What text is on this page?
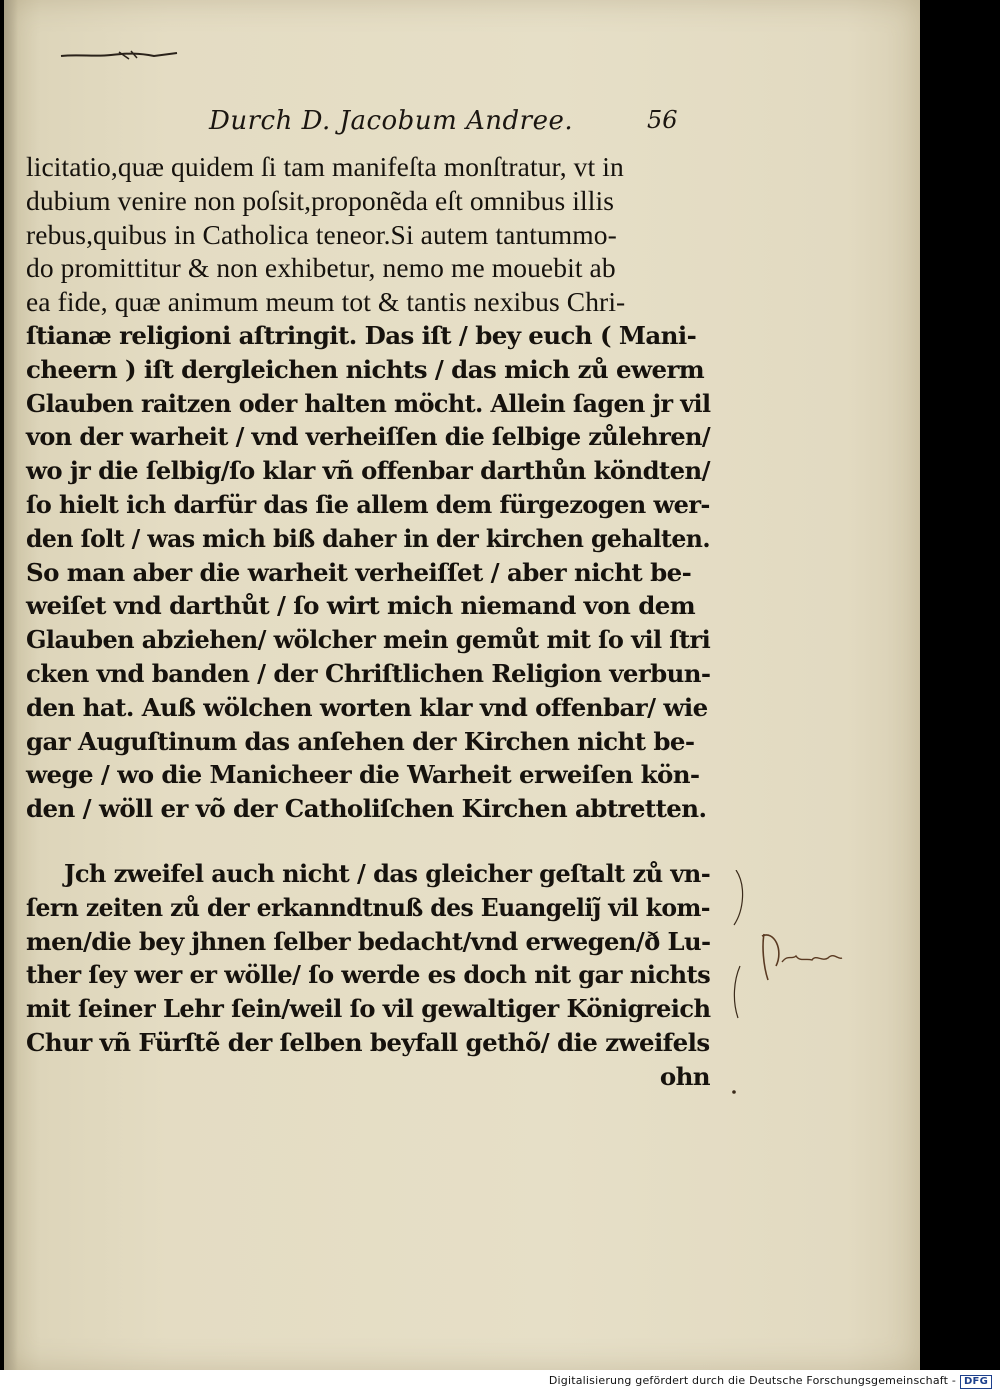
Durch D. Jacobum Andree.	56
licitatio,quæ quidem ſi tam manifeſta monſtratur, vt in
dubium venire non poſsit,proponẽda eſt omnibus illis
rebus,quibus in Catholica teneor.Si autem tantummo-
do promittitur & non exhibetur, nemo me mouebit ab
ea fide, quæ animum meum tot & tantis nexibus Chri-
ſtianæ religioni aſtringit. Das iſt / bey euch ( Mani-
cheern ) iſt dergleichen nichts / das mich zů ewerm
Glauben raitzen oder halten möcht. Allein ſagen jr vil
von der warheit / vnd verheiſſen die ſelbige zůlehren/
wo jr die ſelbig/ſo klar vñ offenbar darthůn köndten/
ſo hielt ich darfür das ſie allem dem fürgezogen wer-
den ſolt / was mich biß daher in der kirchen gehalten.
So man aber die warheit verheiſſet / aber nicht be-
weiſet vnd darthůt / ſo wirt mich niemand von dem
Glauben abziehen/ wölcher mein gemůt mit ſo vil ſtri
cken vnd banden / der Chriſtlichen Religion verbun-
den hat. Auß wölchen worten klar vnd offenbar/ wie
gar Auguſtinum das anſehen der Kirchen nicht be-
wege / wo die Manicheer die Warheit erweiſen kön-
den / wöll er võ der Catholiſchen Kirchen abtretten.
Jch zweifel auch nicht / das gleicher geſtalt zů vn-
ſern zeiten zů der erkanndtnuß des Euangeliȷ̃ vil kom-
men/die bey jhnen ſelber bedacht/vnd erwegen/ð Lu-
ther ſey wer er wölle/ ſo werde es doch nit gar nichts
mit ſeiner Lehr ſein/weil ſo vil gewaltiger Königreich
Chur vñ Fürſtẽ der ſelben beyfall gethõ/ die zweifels
ohn
Digitalisierung gefördert durch die Deutsche Forschungsgemeinschaft - DFG
